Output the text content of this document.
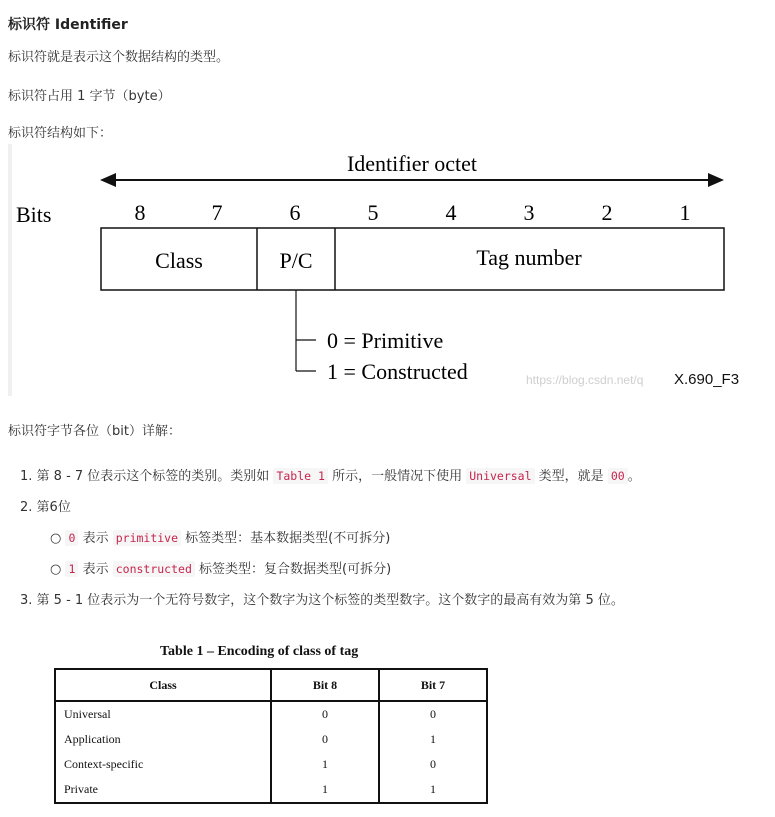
标识符 Identifier
标识符就是表示这个数据结构的类型。
标识符占用 1 字节（byte）
标识符结构如下：
Identifier octet
Bits	8	7	6	5	4	3	2	1
Class	P/C	Tag number
0 = Primitive
1 = Constructed	https://blog.csdn.net/q X.690_F3
标识符字节各位（bit）详解：
1. 第 8 - 7 位表示这个标签的类别。类别如 Table 1 所示，一般情况下使用 Universal 类型，就是 00 。
2. 第6位
○ 0 表示 primitive 标签类型：基本数据类型(不可拆分)
○ 1 表示 constructed 标签类型：复合数据类型(可拆分)
3. 第 5 - 1 位表示为一个无符号数字，这个数字为这个标签的类型数字。这个数字的最高有效为第 5 位。
Table 1 – Encoding of class of tag
Class	Bit 8	Bit 7
Universal	0	0
Application	0	1
Context-specific	1	0
Private	1	1
